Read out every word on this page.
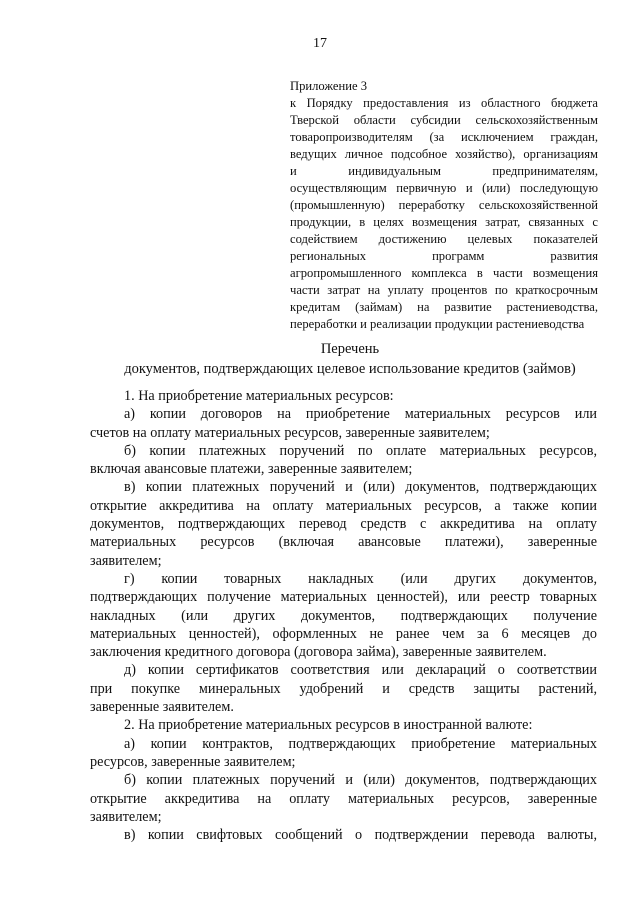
17
Приложение 3
к Порядку предоставления из областного бюджета
Тверской области субсидии сельскохозяйственным
товаропроизводителям (за исключением граждан,
ведущих личное подсобное хозяйство), организациям
и индивидуальным предпринимателям,
осуществляющим первичную и (или) последующую
(промышленную) переработку сельскохозяйственной
продукции, в целях возмещения затрат, связанных с
содействием достижению целевых показателей
региональных программ развития
агропромышленного комплекса в части возмещения
части затрат на уплату процентов по краткосрочным
кредитам (займам) на развитие растениеводства,
переработки и реализации продукции растениеводства
Перечень
документов, подтверждающих целевое использование кредитов (займов)
1. На приобретение материальных ресурсов:
а) копии договоров на приобретение материальных ресурсов или
счетов на оплату материальных ресурсов, заверенные заявителем;
б) копии платежных поручений по оплате материальных ресурсов,
включая авансовые платежи, заверенные заявителем;
в) копии платежных поручений и (или) документов, подтверждающих
открытие аккредитива на оплату материальных ресурсов, а также копии
документов, подтверждающих перевод средств с аккредитива на оплату
материальных ресурсов (включая авансовые платежи), заверенные
заявителем;
г) копии товарных накладных (или других документов,
подтверждающих получение материальных ценностей), или реестр товарных
накладных (или других документов, подтверждающих получение
материальных ценностей), оформленных не ранее чем за 6 месяцев до
заключения кредитного договора (договора займа), заверенные заявителем.
д) копии сертификатов соответствия или деклараций о соответствии
при покупке минеральных удобрений и средств защиты растений,
заверенные заявителем.
2. На приобретение материальных ресурсов в иностранной валюте:
а) копии контрактов, подтверждающих приобретение материальных
ресурсов, заверенные заявителем;
б) копии платежных поручений и (или) документов, подтверждающих
открытие аккредитива на оплату материальных ресурсов, заверенные
заявителем;
в) копии свифтовых сообщений о подтверждении перевода валюты,
